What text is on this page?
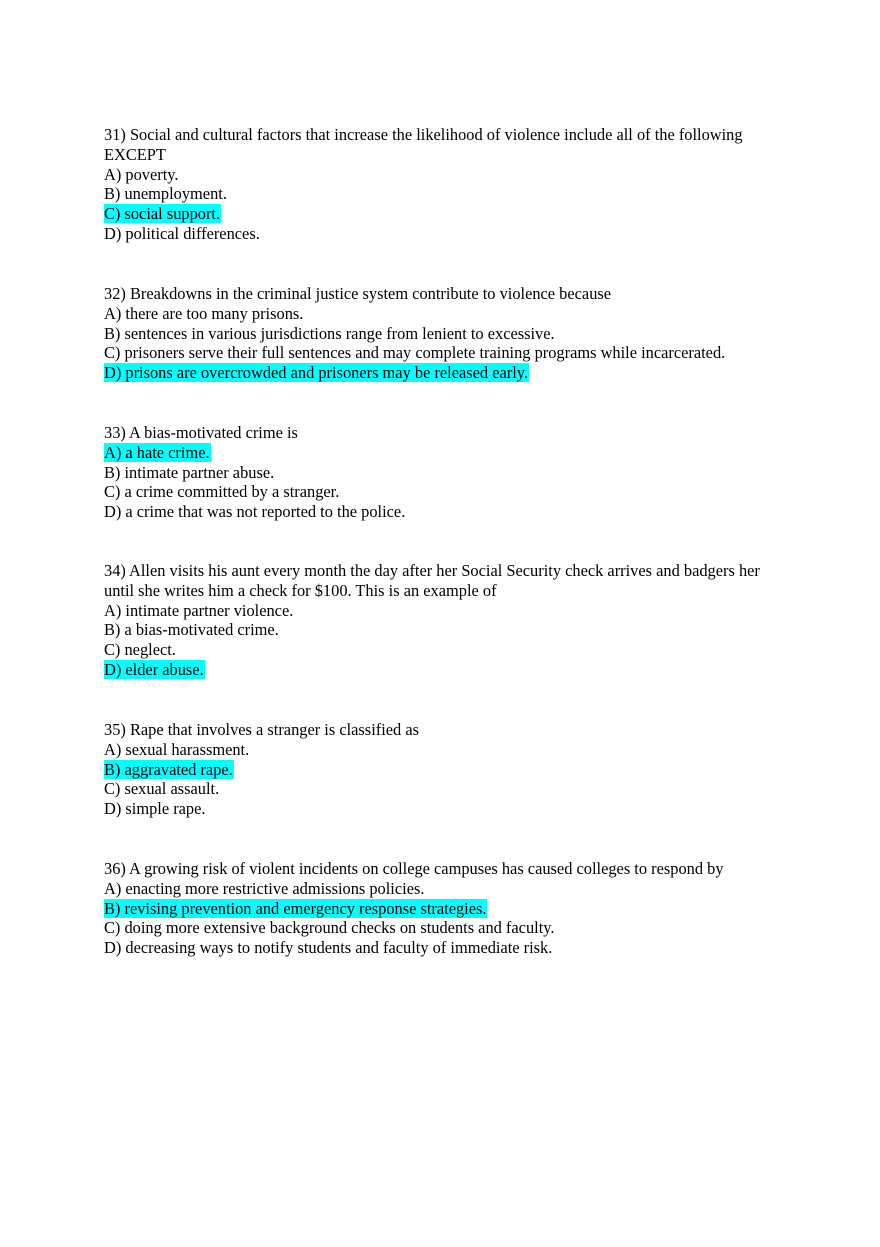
31) Social and cultural factors that increase the likelihood of violence include all of the following EXCEPT
A) poverty.
B) unemployment.
C) social support.
D) political differences.
32) Breakdowns in the criminal justice system contribute to violence because
A) there are too many prisons.
B) sentences in various jurisdictions range from lenient to excessive.
C) prisoners serve their full sentences and may complete training programs while incarcerated.
D) prisons are overcrowded and prisoners may be released early.
33) A bias-motivated crime is
A) a hate crime.
B) intimate partner abuse.
C) a crime committed by a stranger.
D) a crime that was not reported to the police.
34) Allen visits his aunt every month the day after her Social Security check arrives and badgers her until she writes him a check for $100. This is an example of
A) intimate partner violence.
B) a bias-motivated crime.
C) neglect.
D) elder abuse.
35) Rape that involves a stranger is classified as
A) sexual harassment.
B) aggravated rape.
C) sexual assault.
D) simple rape.
36) A growing risk of violent incidents on college campuses has caused colleges to respond by
A) enacting more restrictive admissions policies.
B) revising prevention and emergency response strategies.
C) doing more extensive background checks on students and faculty.
D) decreasing ways to notify students and faculty of immediate risk.
